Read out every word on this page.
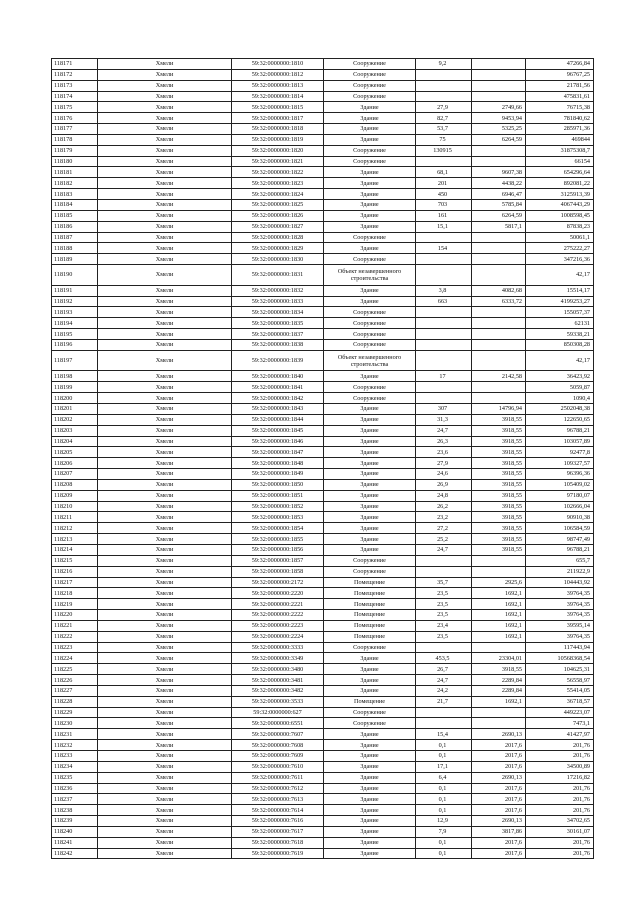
118171	Хмели	59:32:0000000:1810	Сооружение	9,2		47266,84
118172	Хмели	59:32:0000000:1812	Сооружение			96767,25
118173	Хмели	59:32:0000000:1813	Сооружение			21781,56
118174	Хмели	59:32:0000000:1814	Сооружение			475831,61
118175	Хмели	59:32:0000000:1815	Здание	27,9	2749,66	76715,38
118176	Хмели	59:32:0000000:1817	Здание	82,7	9453,94	781840,62
118177	Хмели	59:32:0000000:1818	Здание	53,7	5325,25	285971,36
118178	Хмели	59:32:0000000:1819	Здание	75	6264,59	469844
118179	Хмели	59:32:0000000:1820	Сооружение	130915		31875308,7
118180	Хмели	59:32:0000000:1821	Сооружение			66154
118181	Хмели	59:32:0000000:1822	Здание	68,1	9607,38	654296,64
118182	Хмели	59:32:0000000:1823	Здание	201	4438,22	892081,22
118183	Хмели	59:32:0000000:1824	Здание	450	6946,47	3125913,39
118184	Хмели	59:32:0000000:1825	Здание	703	5785,84	4067443,29
118185	Хмели	59:32:0000000:1826	Здание	161	6264,59	1008598,45
118186	Хмели	59:32:0000000:1827	Здание	15,1	5817,1	87838,23
118187	Хмели	59:32:0000000:1828	Сооружение			50061,1
118188	Хмели	59:32:0000000:1829	Здание	154		275222,27
118189	Хмели	59:32:0000000:1830	Сооружение			347216,36
118190	Хмели	59:32:0000000:1831	Объект незавершенного строительства			42,17
118191	Хмели	59:32:0000000:1832	Здание	3,8	4082,68	15514,17
118192	Хмели	59:32:0000000:1833	Здание	663	6333,72	4199253,27
118193	Хмели	59:32:0000000:1834	Сооружение			155057,37
118194	Хмели	59:32:0000000:1835	Сооружение			62131
118195	Хмели	59:32:0000000:1837	Сооружение			59338,21
118196	Хмели	59:32:0000000:1838	Сооружение			850308,28
118197	Хмели	59:32:0000000:1839	Объект незавершенного строительства			42,17
118198	Хмели	59:32:0000000:1840	Здание	17	2142,58	36423,92
118199	Хмели	59:32:0000000:1841	Сооружение			5059,87
118200	Хмели	59:32:0000000:1842	Сооружение			1090,4
118201	Хмели	59:32:0000000:1843	Здание	307	14796,94	2502048,38
118202	Хмели	59:32:0000000:1844	Здание	31,3	3918,55	122650,65
118203	Хмели	59:32:0000000:1845	Здание	24,7	3918,55	96788,21
118204	Хмели	59:32:0000000:1846	Здание	26,3	3918,55	103057,89
118205	Хмели	59:32:0000000:1847	Здание	23,6	3918,55	92477,8
118206	Хмели	59:32:0000000:1848	Здание	27,9	3918,55	109327,57
118207	Хмели	59:32:0000000:1849	Здание	24,6	3918,55	96396,36
118208	Хмели	59:32:0000000:1850	Здание	26,9	3918,55	105409,02
118209	Хмели	59:32:0000000:1851	Здание	24,8	3918,55	97180,07
118210	Хмели	59:32:0000000:1852	Здание	26,2	3918,55	102666,04
118211	Хмели	59:32:0000000:1853	Здание	23,2	3918,55	90910,38
118212	Хмели	59:32:0000000:1854	Здание	27,2	3918,55	106584,59
118213	Хмели	59:32:0000000:1855	Здание	25,2	3918,55	98747,49
118214	Хмели	59:32:0000000:1856	Здание	24,7	3918,55	96788,21
118215	Хмели	59:32:0000000:1857	Сооружение			655,7
118216	Хмели	59:32:0000000:1858	Сооружение			211922,9
118217	Хмели	59:32:0000000:2172	Помещение	35,7	2925,6	104443,92
118218	Хмели	59:32:0000000:2220	Помещение	23,5	1692,1	39764,35
118219	Хмели	59:32:0000000:2221	Помещение	23,5	1692,1	39764,35
118220	Хмели	59:32:0000000:2222	Помещение	23,5	1692,1	39764,35
118221	Хмели	59:32:0000000:2223	Помещение	23,4	1692,1	39595,14
118222	Хмели	59:32:0000000:2224	Помещение	23,5	1692,1	39764,35
118223	Хмели	59:32:0000000:3333	Сооружение			117443,94
118224	Хмели	59:32:0000000:3349	Здание	453,5	23304,01	10568368,54
118225	Хмели	59:32:0000000:3480	Здание	26,7	3918,55	104625,31
118226	Хмели	59:32:0000000:3481	Здание	24,7	2289,84	56558,97
118227	Хмели	59:32:0000000:3482	Здание	24,2	2289,84	55414,05
118228	Хмели	59:32:0000000:3533	Помещение	21,7	1692,1	36718,57
118229	Хмели	59:32:0000000:627	Сооружение			449223,07
118230	Хмели	59:32:0000000:6551	Сооружение			7473,1
118231	Хмели	59:32:0000000:7607	Здание	15,4	2690,13	41427,97
118232	Хмели	59:32:0000000:7608	Здание	0,1	2017,6	201,76
118233	Хмели	59:32:0000000:7609	Здание	0,1	2017,6	201,76
118234	Хмели	59:32:0000000:7610	Здание	17,1	2017,6	34500,89
118235	Хмели	59:32:0000000:7611	Здание	6,4	2690,13	17216,82
118236	Хмели	59:32:0000000:7612	Здание	0,1	2017,6	201,76
118237	Хмели	59:32:0000000:7613	Здание	0,1	2017,6	201,76
118238	Хмели	59:32:0000000:7614	Здание	0,1	2017,6	201,76
118239	Хмели	59:32:0000000:7616	Здание	12,9	2690,13	34702,65
118240	Хмели	59:32:0000000:7617	Здание	7,9	3817,86	30161,07
118241	Хмели	59:32:0000000:7618	Здание	0,1	2017,6	201,76
118242	Хмели	59:32:0000000:7619	Здание	0,1	2017,6	201,76
